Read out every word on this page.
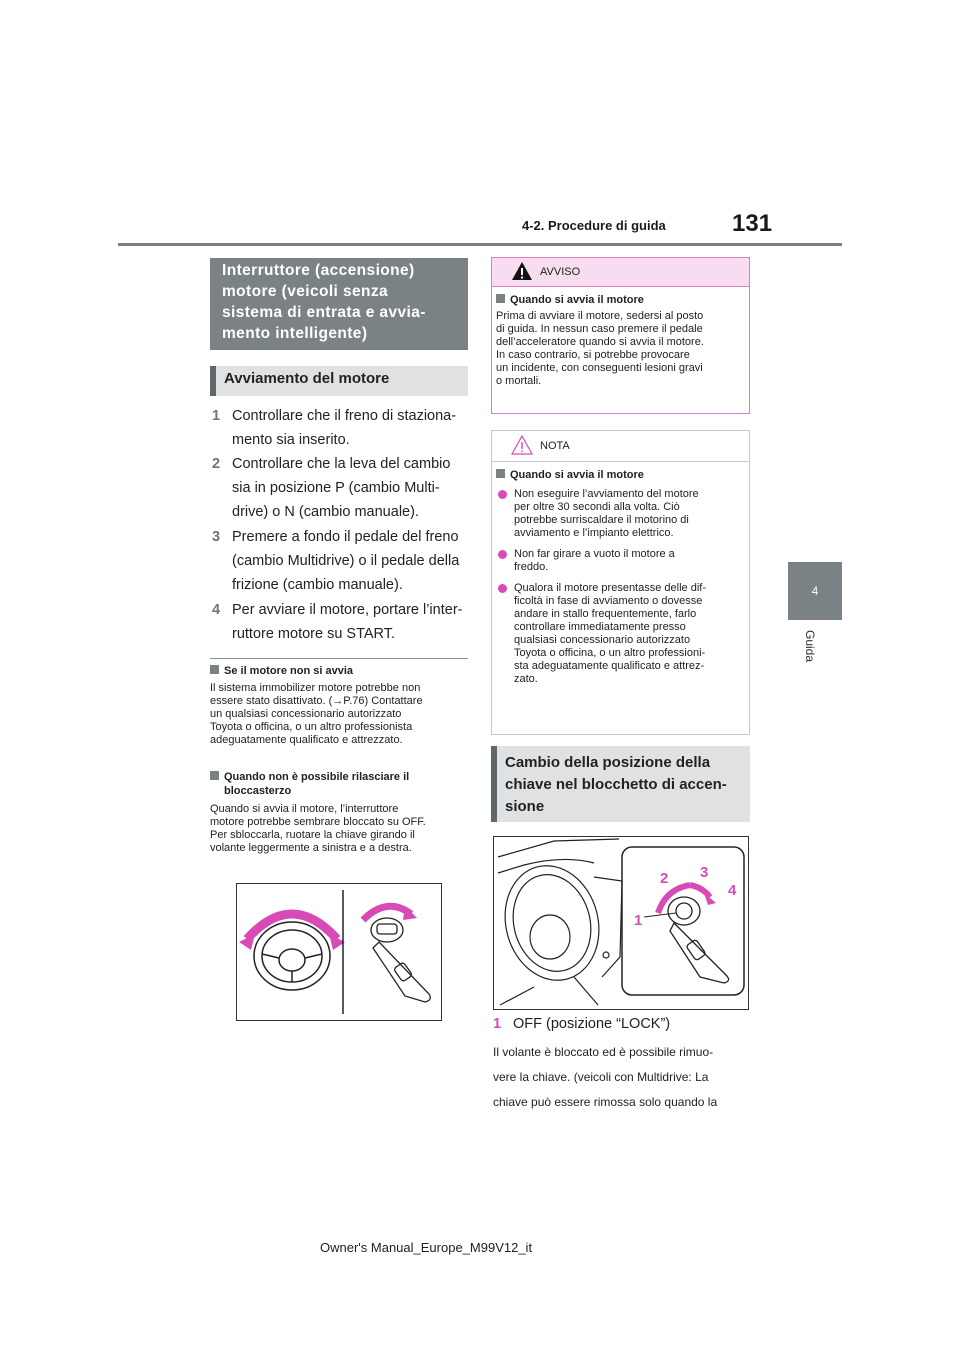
4-2. Procedure di guida	131
4
Guida
Interruttore (accensione)
motore (veicoli senza
sistema di entrata e avvia-
mento intelligente)
Avviamento del motore
1 Controllare che il freno di staziona-
mento sia inserito.
2 Controllare che la leva del cambio
sia in posizione P (cambio Multi-
drive) o N (cambio manuale).
3 Premere a fondo il pedale del freno
(cambio Multidrive) o il pedale della
frizione (cambio manuale).
4 Per avviare il motore, portare l’inter-
ruttore motore su START.
Se il motore non si avvia
Il sistema immobilizer motore potrebbe non
essere stato disattivato. (→P.76) Contattare
un qualsiasi concessionario autorizzato
Toyota o officina, o un altro professionista
adeguatamente qualificato e attrezzato.
Quando non è possibile rilasciare il
bloccasterzo
Quando si avvia il motore, l’interruttore
motore potrebbe sembrare bloccato su OFF.
Per sbloccarla, ruotare la chiave girando il
volante leggermente a sinistra e a destra.
AVVISO
Quando si avvia il motore
Prima di avviare il motore, sedersi al posto
di guida. In nessun caso premere il pedale
dell’acceleratore quando si avvia il motore.
In caso contrario, si potrebbe provocare
un incidente, con conseguenti lesioni gravi
o mortali.
NOTA
Quando si avvia il motore
Non eseguire l’avviamento del motore
per oltre 30 secondi alla volta. Ciò
potrebbe surriscaldare il motorino di
avviamento e l’impianto elettrico.
Non far girare a vuoto il motore a
freddo.
Qualora il motore presentasse delle dif-
ficoltà in fase di avviamento o dovesse
andare in stallo frequentemente, farlo
controllare immediatamente presso
qualsiasi concessionario autorizzato
Toyota o officina, o un altro professioni-
sta adeguatamente qualificato e attrez-
zato.
Cambio della posizione della
chiave nel blocchetto di accen-
sione
1
2 3
4
1 OFF (posizione “LOCK”)
Il volante è bloccato ed è possibile rimuo-
vere la chiave. (veicoli con Multidrive: La
chiave può essere rimossa solo quando la
Owner's Manual_Europe_M99V12_it
